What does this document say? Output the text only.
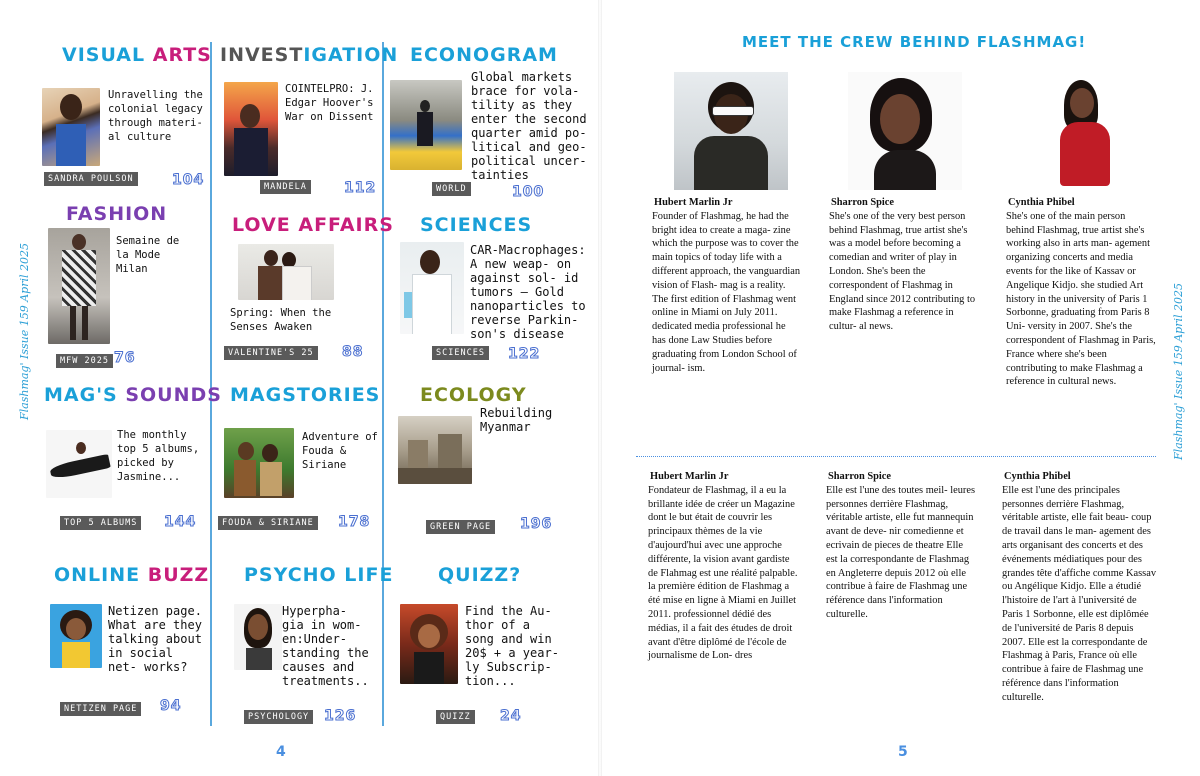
Flashmag' Issue 159 April 2025	Flashmag' Issue 159 April 2025
VISUAL ARTS
Unravelling the colonial legacy through materi- al culture
SANDRA POULSON	104
INVESTIGATION
COINTELPRO: J. Edgar Hoover's War on Dissent
MANDELA	112
ECONOGRAM
Global markets brace for vola- tility as they enter the second quarter amid po- litical and geo- political uncer- tainties
WORLD	100
FASHION
Semaine de la Mode Milan
MFW 2025 76
LOVE AFFAIRS
Spring: When the Senses Awaken
VALENTINE'S 25 88
SCIENCES
CAR-Macrophages: A new weap- on against sol- id tumors – Gold nanoparticles to reverse Parkin- son's disease
SCIENCES 122
MAG'S SOUNDS
The monthly top 5 albums, picked by Jasmine...
TOP 5 ALBUMS 144
MAGSTORIES
Adventure of Fouda & Siriane
FOUDA & SIRIANE 178
ECOLOGY
Rebuilding Myanmar
GREEN PAGE 196
ONLINE BUZZ
Netizen page. What are they talking about in social net- works?
NETIZEN PAGE 94
PSYCHO LIFE
Hyperpha- gia in wom- en:Under- standing the causes and treatments..
PSYCHOLOGY 126
QUIZZ?
Find the Au- thor of a song and win 20$ + a year- ly Subscrip- tion...
QUIZZ 24
4
MEET THE CREW BEHIND FLASHMAG!
Hubert Marlin Jr
Founder of Flashmag, he had the bright idea to create a maga- zine which the purpose was to cover the main topics of today life with a different approach, the vanguardian vision of Flash- mag is a reality. The first edition of Flashmag went online in Miami on July 2011. dedicated media professional he has done Law Studies before graduating from London School of journal- ism.
Sharron Spice
She's one of the very best person behind Flashmag, true artist she's was a model before becoming a comedian and writer of play in London. She's been the correspondent of Flashmag in England since 2012 contributing to make Flashmag a reference in cultur- al news.
Cynthia Phibel
She's one of the main person behind Flashmag, true artist she's working also in arts man- agement organizing concerts and media events for the like of Kassav or Angelique Kidjo. she studied Art history in the university of Paris 1 Sorbonne, graduating from Paris 8 Uni- versity in 2007. She's the correspondent of Flashmag in Paris, France where she's been contributing to make Flashmag a reference in cultural news.
Hubert Marlin Jr
Fondateur de Flashmag, il a eu la brillante idée de créer un Magazine dont le but était de couvrir les principaux thèmes de la vie d'aujourd'hui avec une approche différente, la vision avant gardiste de Flahmag est une réalité palpable. la première édition de Flashmag a été mise en ligne à Miami en Juillet 2011. professionnel dédié des médias, il a fait des études de droit avant d'être diplômé de l'école de journalisme de Lon- dres
Sharron Spice
Elle est l'une des toutes meil- leures personnes derrière Flashmag, véritable artiste, elle fut mannequin avant de deve- nir comedienne et ecrivain de pieces de theatre Elle est la correspondante de Flashmag en Angleterre depuis 2012 où elle contribue à faire de Flashmag une référence dans l'information culturelle.
Cynthia Phibel
Elle est l'une des principales personnes derrière Flashmag, véritable artiste, elle fait beau- coup de travail dans le man- agement des arts organisant des concerts et des événements médiatiques pour des grandes tête d'affiche comme Kassav ou Angélique Kidjo. Elle a étudié l'histoire de l'art à l'université de Paris 1 Sorbonne, elle est diplômée de l'université de Paris 8 depuis 2007. Elle est la correspondante de Flashmag à Paris, France où elle contribue à faire de Flashmag une référence dans l'information culturelle.
5
